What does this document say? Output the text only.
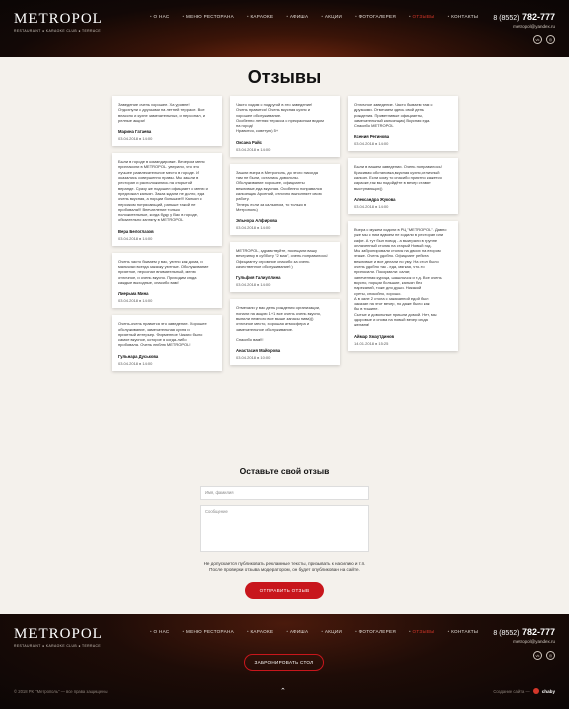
METROPOL
RESTAURANT ● KARAOKE CLUB ● TERRACE
• О НАС	• МЕНЮ РЕСТОРАНА	• КАРАОКЕ	• АФИША	• АКЦИИ	• ФОТОГАЛЕРЕЯ	• ОТЗЫВЫ	• КОНТАКТЫ 8 (8552) 782-777
metropol@yandex.ru
vk	◎
Отзывы

Заведение очень хорошее. Ха уровне!
Отдохнули с друзьями на летней террасе. Все
влассно и кухне замечательных, и персонал, и
релные акции!

Марина Гатаева
03.04.2018 в 14:00

Были в городе в командировке. Вечером меня
пригласили в METROPOL. уверили, что это
лучшее развлекательное место в городе. И
оказались совершенно правы. Мы зашли в
ресторан и расположились на открытой
веранде. Сразу же подошел официант с меню и
предложил кальян. Заказ ждали не долго, еда
очень вкусная, а порции большие!!! Кальян с
персиком потрясающий, раньше такой не
пробовала!!! Впечатление только
положительные, когда буду у Вас в городе,
обязательно загляну в METROPOL

Вера Белоглазов
03.04.2018 в 14:00

Очень часто бываем у вас, уютно как дома, и
мальчики всегда заказку уютные. Обслуживание
приятное, персонал внимательный, меню
отличное, и очень вкусно. Приходим сюда
каждые выходные, спасибо вам!

Лиерьма Мина
03.04.2018 в 14:00

Очень-очень нравится это заведение. Хорошее
обслуживание, замечательная кухня и
приятный интерьер. Фирменное Чикаго было
самое вкусное, которое я когда-либо
пробовала. Очень люблю METROPOL!

Гульнара Дуськова
03.04.2018 в 14:00

Часто ходим с подругой в это заведение!
Очень нравится! Очень вкусная кухня и
хорошее обслуживание.
Особенно летняя терасса с прекрасным видом
на город!
Нравится, советую) 5+

Оксана Райс
03.04.2018 в 14:00

Зашли вчера в Метрополь, до этого никогда
там не были, остались довольны.
Обслуживание хорошее, официанты
вежливые,еда вкусная. Особенно понравился
кальянщик Арсений, отлично выполняет свою
работу.
Теперь если за кальяном, то только в
Метрополь)

Эльнора Алфирова
03.04.2018 в 14:00

METROPOL, здравствуйте, посещали вашу
вечеринку в субботу "2 мая", очень понравилось!
Официанту огромное спасибо за очень
качественное обслуживание!:)

Гульфия Галиуллина
03.04.2018 в 14:00

Отмечали у вас день рождения организации,
попали на акцию 1+1 все очень очень вкусно,
выпили немного все выше запасы пива)))
отличное место, хорошая атмосфера и
замечательное обслуживание.

Спасибо вам!!!

Анастасия Майорова
03.04.2018 в 10:00

Отличное заведение. Часто бываем там с
друзьями. Отмечаем здесь свой день
рождения. Приветливые официанты,
замечательный кальянщик) Вкусная еда.
Спасибо METROPOL

Ксения Регинова
03.04.2018 в 14:00

Были в вашем заведении. Очень понравилось!
Красивая обстановка,вкусная кухня,отличный
кальян. Если кому то спасибо приятно кажется
караоке,так вы подойдёте в вечер ставят
выступающих))

Александра Жукова
03.04.2018 в 14:00

Вчера с мужем ходили в РЦ "METROPOL". Давно
уже мы с ним вдвоем не ходили в ресторан или
кафе. А тут был повод - а выиграли в группе
оплаченный столик на старый Новый год.
Мы забронировали столик на двоих на втором
этаже. Очень удобно. Официант ребята
вежливые и все делали по уму. На стол было
очень удобно так - еда, мягкая, что-то
приносили. Покормили: салат,
запеченная курица, шашлычок и т.д. Все очень
вкусно, порции большие, кальян без
нареканий, тоже для души. Никакой
суеты, спокойно, хорошо.
А в зале 2 стола с заказанной едой был
заказан на этот вечер, но даже было как
бы в тишине.
Сытые и довольные пришли домой. Нет, мы
здоровые и снова на новый вечер сюда
желаем!

Аймар Хмаутдинов
14.01.2018 в 15:25
Оставьте свой отзыв
Имя, фамилия
Сообщение
Не допускается публиковать рекламные тексты, призывать к насилию и т.п.
После проверки отзыва модератором, он будет опубликован на сайте.
ОТПРАВИТЬ ОТЗЫВ
METROPOL
RESTAURANT ● KARAOKE CLUB ● TERRACE
• О НАС	• МЕНЮ РЕСТОРАНА	• КАРАОКЕ	• АФИША	• АКЦИИ	• ФОТОГАЛЕРЕЯ	• ОТЗЫВЫ	• КОНТАКТЫ 8 (8552) 782-777
metropol@yandex.ru
vk	◎
ЗАБРОНИРОВАТЬ СТОЛ
© 2018 РК "Метрополь" — все права защищены	⌃	Создание сайта —	chaby
